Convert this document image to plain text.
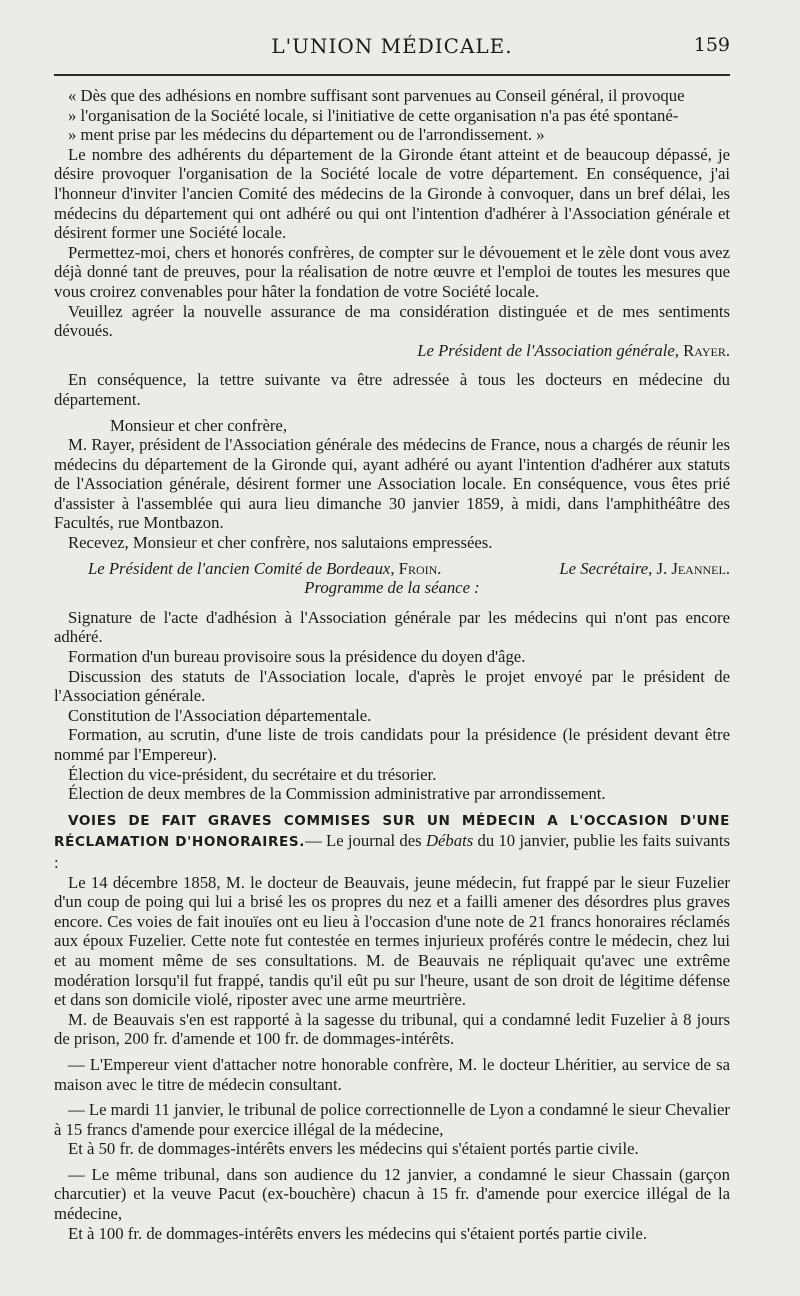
L'UNION MÉDICALE.	159

« Dès que des adhésions en nombre suffisant sont parvenues au Conseil général, il provoque

» l'organisation de la Société locale, si l'initiative de cette organisation n'a pas été spontané-

» ment prise par les médecins du département ou de l'arrondissement. »

Le nombre des adhérents du département de la Gironde étant atteint et de beaucoup dépassé, je désire provoquer l'organisation de la Société locale de votre département. En conséquence, j'ai l'honneur d'inviter l'ancien Comité des médecins de la Gironde à convoquer, dans un bref délai, les médecins du département qui ont adhéré ou qui ont l'intention d'adhérer à l'Association générale et désirent former une Société locale.

Permettez-moi, chers et honorés confrères, de compter sur le dévouement et le zèle dont vous avez déjà donné tant de preuves, pour la réalisation de notre œuvre et l'emploi de toutes les mesures que vous croirez convenables pour hâter la fondation de votre Société locale.

Veuillez agréer la nouvelle assurance de ma considération distinguée et de mes sentiments dévoués.

Le Président de l'Association générale, Rayer.

En conséquence, la tettre suivante va être adressée à tous les docteurs en médecine du département.

Monsieur et cher confrère,

M. Rayer, président de l'Association générale des médecins de France, nous a chargés de réunir les médecins du département de la Gironde qui, ayant adhéré ou ayant l'intention d'adhérer aux statuts de l'Association générale, désirent former une Association locale. En conséquence, vous êtes prié d'assister à l'assemblée qui aura lieu dimanche 30 janvier 1859, à midi, dans l'amphithéâtre des Facultés, rue Montbazon.

Recevez, Monsieur et cher confrère, nos salutaions empressées.

Le Président de l'ancien Comité de Bordeaux, Froin.	Le Secrétaire, J. Jeannel.

Programme de la séance :

Signature de l'acte d'adhésion à l'Association générale par les médecins qui n'ont pas encore adhéré.

Formation d'un bureau provisoire sous la présidence du doyen d'âge.

Discussion des statuts de l'Association locale, d'après le projet envoyé par le président de l'Association générale.

Constitution de l'Association départementale.

Formation, au scrutin, d'une liste de trois candidats pour la présidence (le président devant être nommé par l'Empereur).

Élection du vice-président, du secrétaire et du trésorier.

Élection de deux membres de la Commission administrative par arrondissement.

VOIES DE FAIT GRAVES COMMISES SUR UN MÉDECIN A L'OCCASION D'UNE RÉCLAMATION D'HONORAIRES.— Le journal des Débats du 10 janvier, publie les faits suivants :

Le 14 décembre 1858, M. le docteur de Beauvais, jeune médecin, fut frappé par le sieur Fuzelier d'un coup de poing qui lui a brisé les os propres du nez et a failli amener des désordres plus graves encore. Ces voies de fait inouïes ont eu lieu à l'occasion d'une note de 21 francs honoraires réclamés aux époux Fuzelier. Cette note fut contestée en termes injurieux proférés contre le médecin, chez lui et au moment même de ses consultations. M. de Beauvais ne répliquait qu'avec une extrême modération lorsqu'il fut frappé, tandis qu'il eût pu sur l'heure, usant de son droit de légitime défense et dans son domicile violé, riposter avec une arme meurtrière.

M. de Beauvais s'en est rapporté à la sagesse du tribunal, qui a condamné ledit Fuzelier à 8 jours de prison, 200 fr. d'amende et 100 fr. de dommages-intérêts.

— L'Empereur vient d'attacher notre honorable confrère, M. le docteur Lhéritier, au service de sa maison avec le titre de médecin consultant.

— Le mardi 11 janvier, le tribunal de police correctionnelle de Lyon a condamné le sieur Chevalier à 15 francs d'amende pour exercice illégal de la médecine,

Et à 50 fr. de dommages-intérêts envers les médecins qui s'étaient portés partie civile.

— Le même tribunal, dans son audience du 12 janvier, a condamné le sieur Chassain (garçon charcutier) et la veuve Pacut (ex-bouchère) chacun à 15 fr. d'amende pour exercice illégal de la médecine,

Et à 100 fr. de dommages-intérêts envers les médecins qui s'étaient portés partie civile.
